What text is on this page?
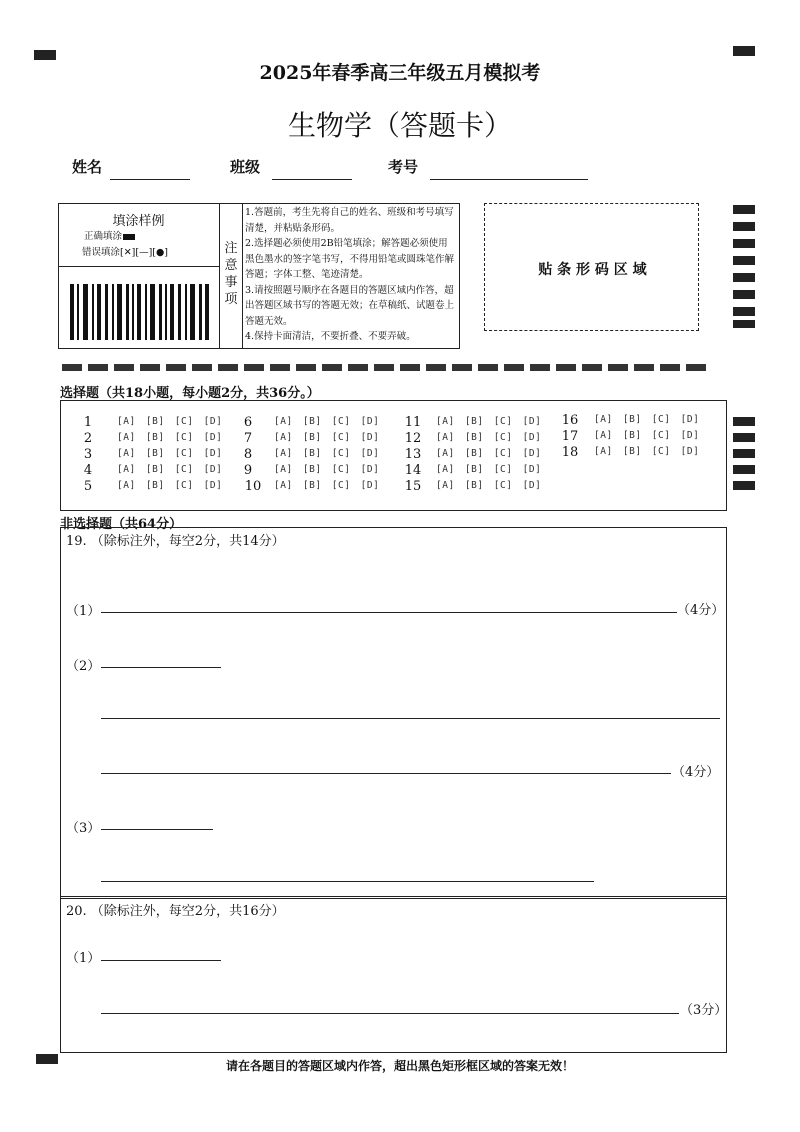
2025年春季高三年级五月模拟考
生物学（答题卡）
姓名	班级	考号
填涂样例
正确填涂
错误填涂[✕][—][●]	注意事项
1.答题前，考生先将自己的姓名、班级和考号填写清楚，并粘贴条形码。
2.选择题必须使用2B铅笔填涂；解答题必须使用黑色墨水的签字笔书写，不得用铅笔或圆珠笔作解答题；字体工整、笔迹清楚。
3.请按照题号顺序在各题目的答题区域内作答，超出答题区域书写的答题无效；在草稿纸、试题卷上答题无效。
4.保持卡面清洁，不要折叠、不要弄破。
贴 条 形 码 区 域
选择题（共18小题，每小题2分，共36分。）
1	[A] [B] [C] [D]
2	[A] [B] [C] [D]
3	[A] [B] [C] [D]
4	[A] [B] [C] [D]
5	[A] [B] [C] [D]
6	[A] [B] [C] [D]
7	[A] [B] [C] [D]
8	[A] [B] [C] [D]
9	[A] [B] [C] [D]
10	[A] [B] [C] [D]
11	[A] [B] [C] [D]
12	[A] [B] [C] [D]
13	[A] [B] [C] [D]
14	[A] [B] [C] [D]
15	[A] [B] [C] [D]
16	[A] [B] [C] [D]
17	[A] [B] [C] [D]
18	[A] [B] [C] [D]
非选择题（共64分）
19. （除标注外，每空2分，共14分）
（1）	（4分）
（2）
（4分）
（3）
20. （除标注外，每空2分，共16分）
（1）
（3分）
请在各题目的答题区域内作答，超出黑色矩形框区域的答案无效！
